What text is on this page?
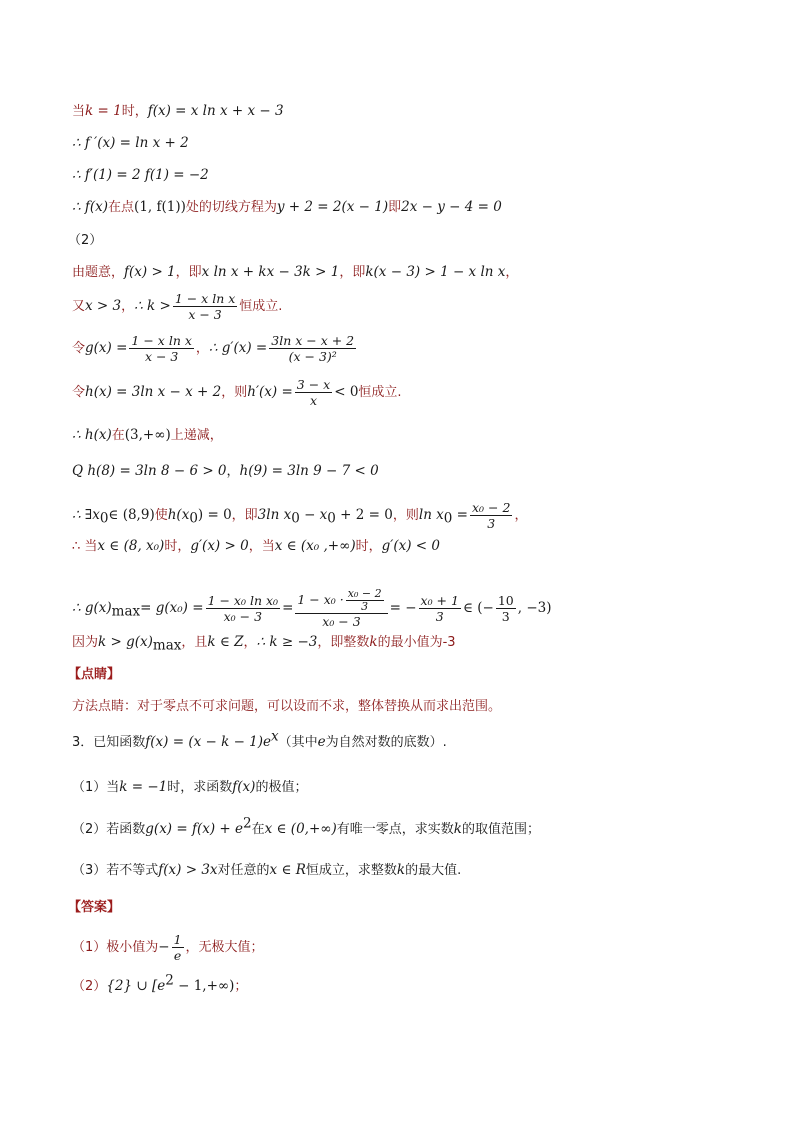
当k = 1时，f(x) = x ln x + x − 3
∴ f ′(x) = ln x + 2
∴ f′(1) = 2 f(1) = −2
∴ f(x)在点(1, f(1))处的切线方程为y + 2 = 2(x − 1)即2x − y − 4 = 0
（2）
由题意，f(x) > 1，即x ln x + kx − 3k > 1，即k(x − 3) > 1 − x ln x，
又x > 3，∴ $k > \frac{\text{1 − x ln x}}{x - 3}$ 恒成立.
令$g(x) = \frac{\text{1 − x ln x}}{x - 3}$ ，∴ $g'(x) = \frac{\text{3ln x − x + 2}}{\text{(x − 3)²}}$
令h(x) = 3ln x − x + 2，则$h'(x) = \frac{3 - x}{x} < 0$恒成立.
∴ h(x)在(3,+∞)上递减，
Q h(8) = 3ln 8 − 6 > 0，h(9) = 3ln 9 − 7 < 0
∴ $\exists x_0\in$ (8,9)使$h(x_0) = 0$，即3ln $x_0 - x_0 + 2 = 0$，则$\ln x_0 = \frac{\text{x₀ − 2}}{3}$ ，
∴ 当x ∈ (8, x₀)时，g′(x) > 0，当x ∈ (x₀ ,+∞)时，g′(x) < 0
∴ $g(x)_{max}= g(x_0) = \frac{\text{1 − x₀ ln x₀}}{\text{x₀ − 3}} = \frac{1 - x_0 \cdot \frac{\text{x₀ − 2}}{3}}{\text{x₀ − 3}}$ = − $\frac{\text{x₀ + 1}}{3}$ ∈ (− $\frac{10}{3}$ , −3)
因为$k > g(x)_{max}$，且k ∈ Z，∴ k ≥ −3，即整数k的最小值为-3
【点睛】
方法点睛：对于零点不可求问题，可以设而不求，整体替换从而求出范围。
3．已知函数$f(x) = (x - k - 1)e^x$（其中e为自然对数的底数）.
（1）当k = −1时，求函数f(x)的极值；
（2）若函数$g(x) = f(x) + e^2$在x ∈ (0,+∞)有唯一零点，求实数k的取值范围；
（3）若不等式f(x) > 3x对任意的x ∈ R恒成立，求整数k的最大值.
【答案】
（1）极小值为− $\frac{1}{e}$ ，无极大值；
（2）{2} ∪ $[e^2 - 1,+\infty)$；
